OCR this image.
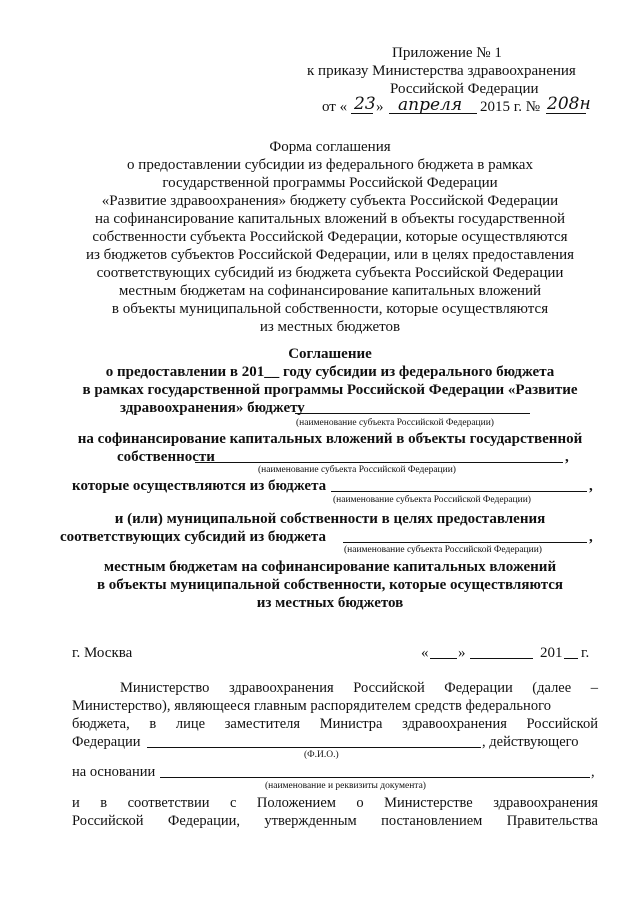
Приложение № 1
к приказу Министерства здравоохранения
Российской Федерации
от « 23 » апреля 2015 г. № 208н
Форма соглашения
о предоставлении субсидии из федерального бюджета в рамках
государственной программы Российской Федерации
«Развитие здравоохранения» бюджету субъекта Российской Федерации
на софинансирование капитальных вложений в объекты государственной
собственности субъекта Российской Федерации, которые осуществляются
из бюджетов субъектов Российской Федерации, или в целях предоставления
соответствующих субсидий из бюджета субъекта Российской Федерации
местным бюджетам на софинансирование капитальных вложений
в объекты муниципальной собственности, которые осуществляются
из местных бюджетов
Соглашение
о предоставлении в 201__ году субсидии из федерального бюджета
в рамках государственной программы Российской Федерации «Развитие
здравоохранения» бюджету
(наименование субъекта Российской Федерации)
на софинансирование капитальных вложений в объекты государственной
собственности	,
(наименование субъекта Российской Федерации)
которые осуществляются из бюджета	,
(наименование субъекта Российской Федерации)
и (или) муниципальной собственности в целях предоставления
соответствующих субсидий из бюджета	,
(наименование субъекта Российской Федерации)
местным бюджетам на софинансирование капитальных вложений
в объекты муниципальной собственности, которые осуществляются
из местных бюджетов
г. Москва	« »	201 г.
Министерство здравоохранения Российской Федерации (далее –
Министерство), являющееся главным распорядителем средств федерального
бюджета, в лице заместителя Министра здравоохранения Российской
Федерации	, действующего
(Ф.И.О.)
на основании	,
(наименование и реквизиты документа)
и в соответствии с Положением о Министерстве здравоохранения
Российской Федерации, утвержденным постановлением Правительства
